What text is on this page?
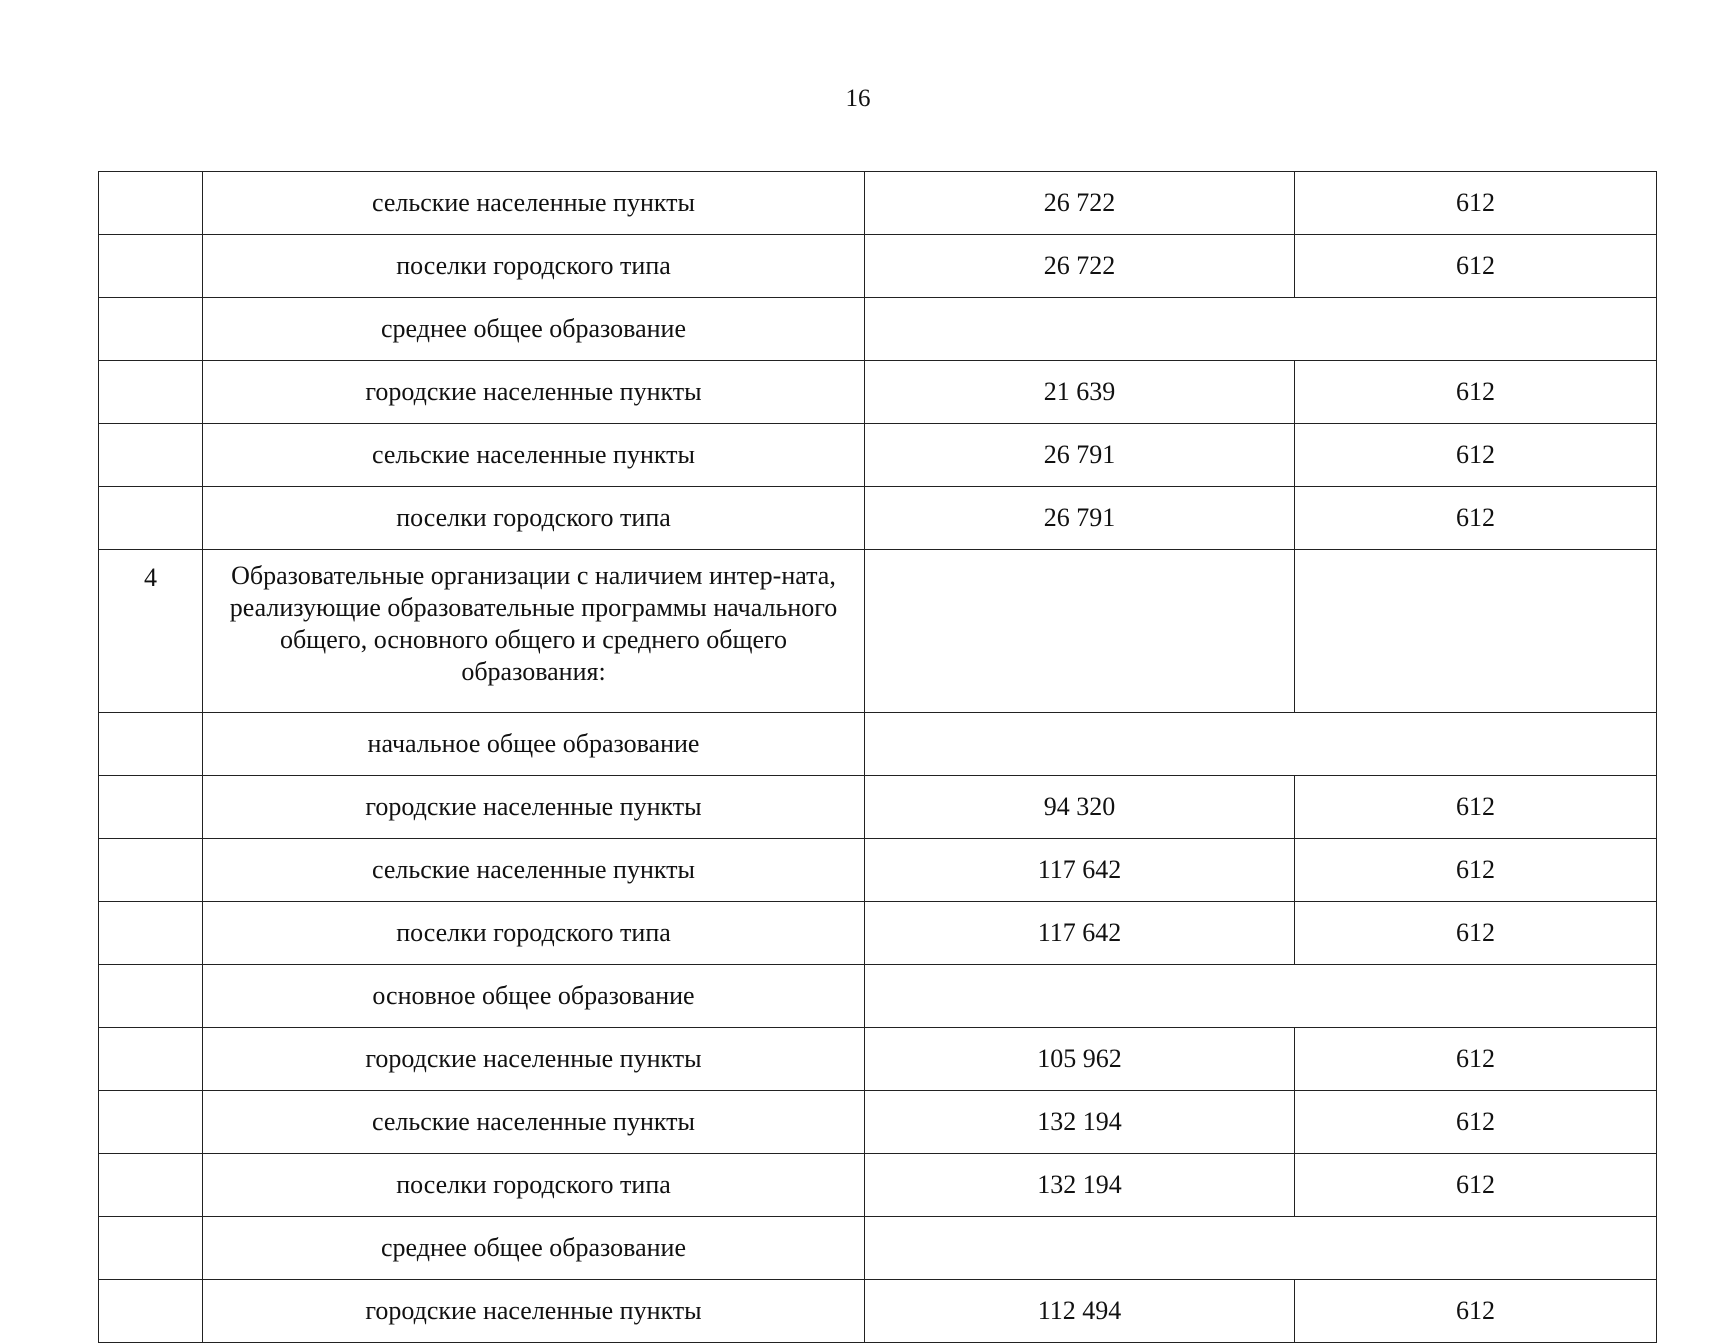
16
	сельские населенные пункты	26 722	612
	поселки городского типа	26 722	612
	среднее общее образование		
	городские населенные пункты	21 639	612
	сельские населенные пункты	26 791	612
	поселки городского типа	26 791	612
4	Образовательные организации с наличием интер-ната, реализующие образовательные программы начального общего, основного общего и среднего общего образования:		
	начальное общее образование		
	городские населенные пункты	94 320	612
	сельские населенные пункты	117 642	612
	поселки городского типа	117 642	612
	основное общее образование		
	городские населенные пункты	105 962	612
	сельские населенные пункты	132 194	612
	поселки городского типа	132 194	612
	среднее общее образование		
	городские населенные пункты	112 494	612
